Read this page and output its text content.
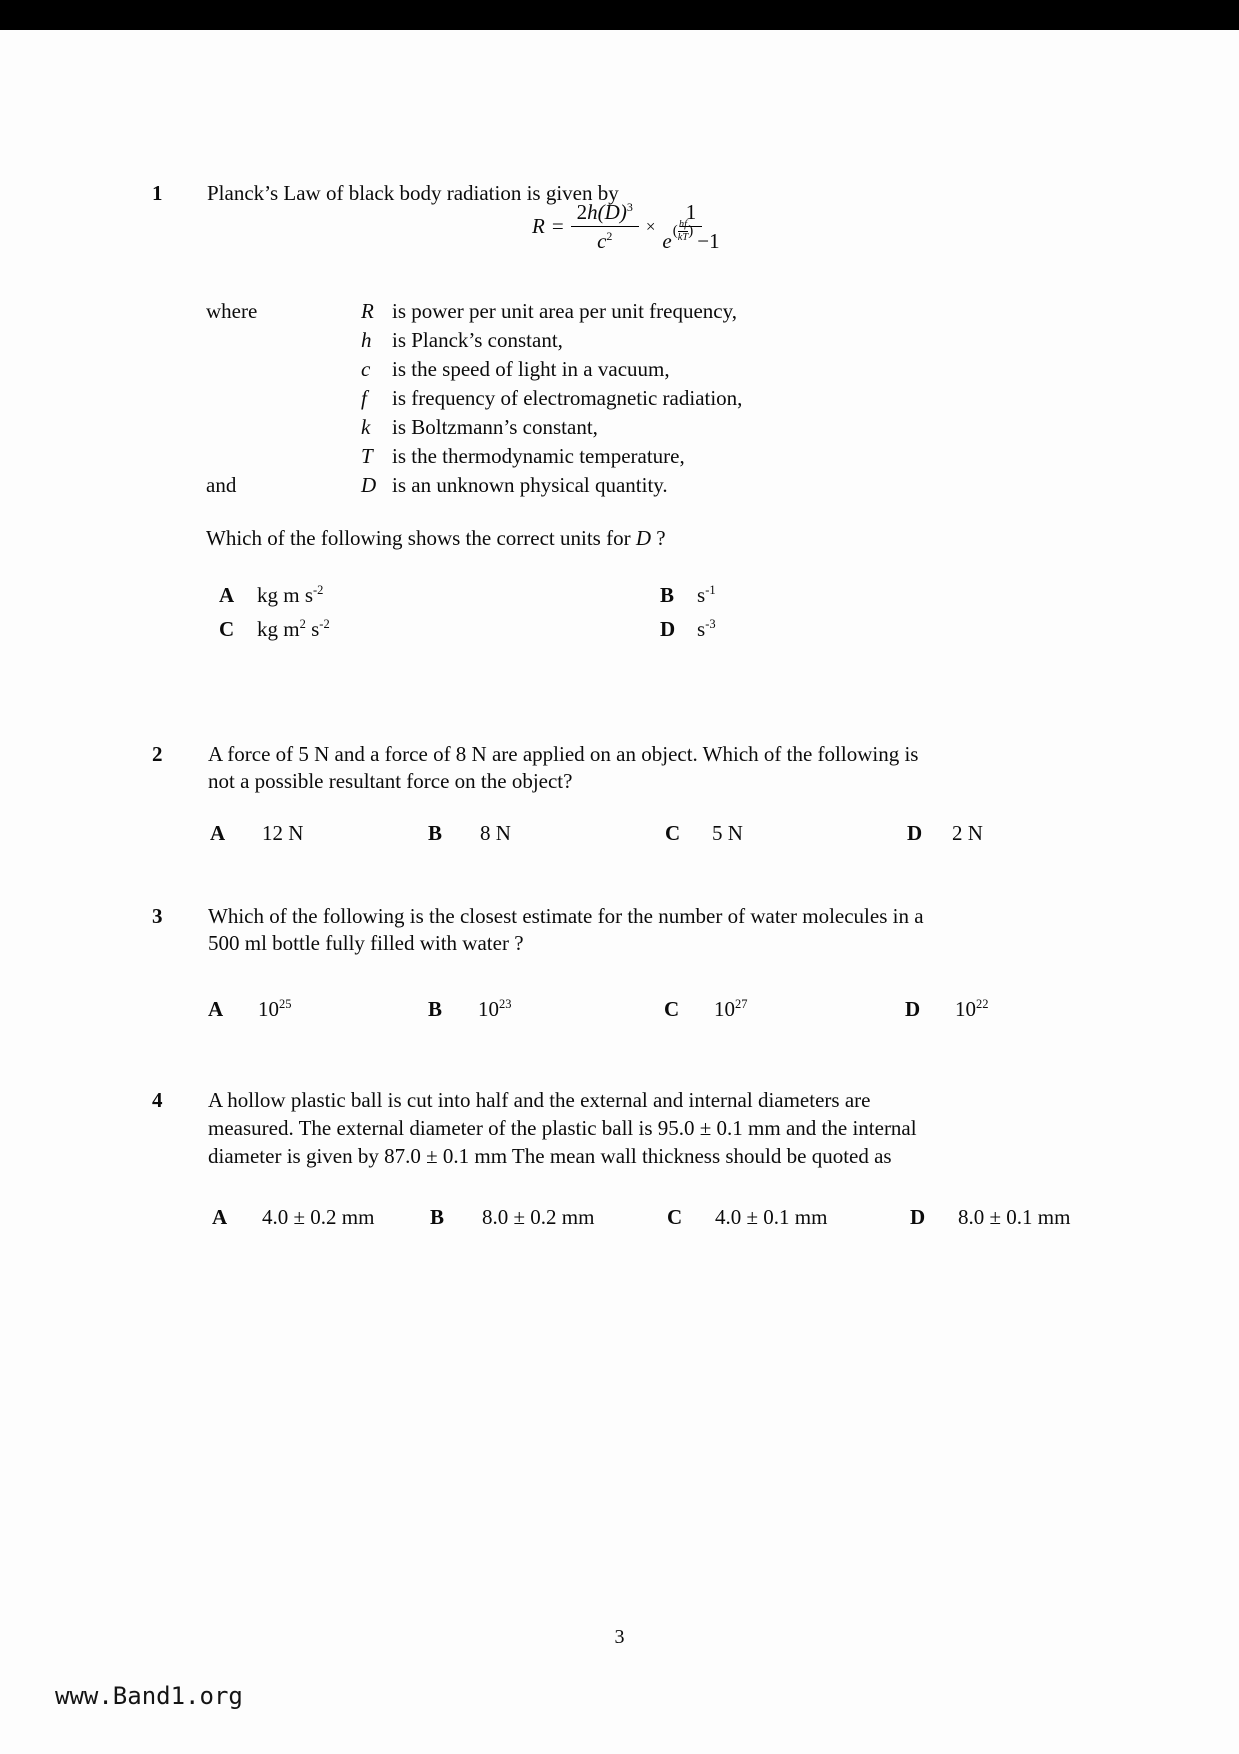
1 Planck’s Law of black body radiation is given by
$R = \frac{2h(D)^3}{c^2}$ ×
1
e ( hf
kT ) −1
where	R is power per unit area per unit frequency,
h is Planck’s constant,
c is the speed of light in a vacuum,
f is frequency of electromagnetic radiation,
k is Boltzmann’s constant,
T is the thermodynamic temperature,
and	D is an unknown physical quantity.
Which of the following shows the correct units for D ?
A kg m $s^{-2}$	B $s^{-1}$
C kg $m^2$ $s^{-2}$	D $s^{-3}$
2 A force of 5 N and a force of 8 N are applied on an object. Which of the following is
not a possible resultant force on the object?
A 12 N	B 8 N	C 5 N	D 2 N
3 Which of the following is the closest estimate for the number of water molecules in a
500 ml bottle fully filled with water ?
A $10^{25}$	B $10^{23}$	C $10^{27}$	D $10^{22}$
4 A hollow plastic ball is cut into half and the external and internal diameters are
measured. The external diameter of the plastic ball is 95.0 ± 0.1 mm and the internal
diameter is given by 87.0 ± 0.1 mm The mean wall thickness should be quoted as
A 4.0 ± 0.2 mm	B 8.0 ± 0.2 mm	C 4.0 ± 0.1 mm	D 8.0 ± 0.1 mm
3
www.Band1.org
